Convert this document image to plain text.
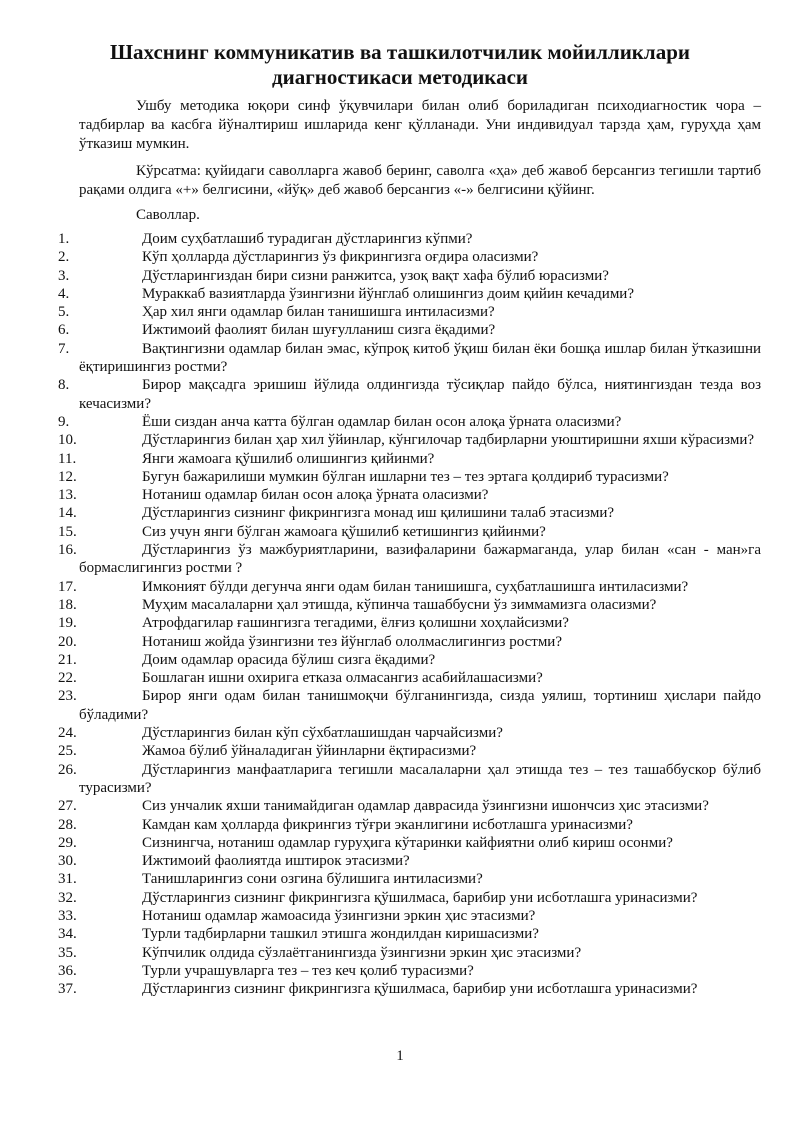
Шахснинг коммуникатив ва ташкилотчилик мойилликлари
диагностикаси методикаси
Ушбу методика юқори синф ўқувчилари билан олиб бориладиган психодиагностик чора – тадбирлар ва касбга йўналтириш ишларида кенг қўлланади. Уни индивидуал тарзда ҳам, гуруҳда ҳам ўтказиш мумкин.
Кўрсатма: қуйидаги саволларга жавоб беринг, саволга «ҳа» деб жавоб берсангиз тегишли тартиб рақами олдига «+» белгисини, «йўқ» деб жавоб берсангиз «-» белгисини қўйинг.
Саволлар.
1.	Доим суҳбатлашиб турадиган дўстларингиз кўпми?
2.	Кўп ҳолларда дўстларингиз ўз фикрингизга оғдира оласизми?
3.	Дўстларингиздан бири сизни ранжитса, узоқ вақт хафа бўлиб юрасизми?
4.	Мураккаб вазиятларда ўзингизни йўнглаб олишингиз доим қийин кечадими?
5.	Ҳар хил янги одамлар билан танишишга интиласизми?
6.	Ижтимоий фаолият билан шуғулланиш сизга ёқадими?
7.	Вақтингизни одамлар билан эмас, кўпроқ китоб ўқиш билан ёки бошқа ишлар билан ўтказишни ёқтиришингиз ростми?
8.	Бирор мақсадга эришиш йўлида олдингизда тўсиқлар пайдо бўлса, ниятингиздан тезда воз кечасизми?
9.	Ёши сиздан анча катта бўлган одамлар билан осон алоқа ўрната оласизми?
10.	Дўстларингиз билан ҳар хил ўйинлар, кўнгилочар тадбирларни уюштиришни яхши кўрасизми?
11.	Янги жамоага қўшилиб олишингиз қийинми?
12.	Бугун бажарилиши мумкин бўлган ишларни тез – тез эртага қолдириб турасизми?
13.	Нотаниш одамлар билан осон алоқа ўрната оласизми?
14.	Дўстларингиз сизнинг фикрингизга монад иш қилишини талаб этасизми?
15.	Сиз учун янги бўлган жамоага қўшилиб кетишингиз қийинми?
16.	Дўстларингиз ўз мажбуриятларини, вазифаларини бажармаганда, улар билан «сан - ман»га бормаслигингиз ростми ?
17.	Имконият бўлди дегунча янги одам билан танишишга, суҳбатлашишга интиласизми?
18.	Муҳим масалаларни ҳал этишда, кўпинча ташаббусни ўз зиммамизга оласизми?
19.	Атрофдагилар ғашингизга тегадими, ёлғиз қолишни хоҳлайсизми?
20.	Нотаниш жойда ўзингизни тез йўнглаб ололмаслигингиз ростми?
21.	Доим одамлар орасида бўлиш сизга ёқадими?
22.	Бошлаган ишни охирига етказа олмасангиз асабийлашасизми?
23.	Бирор янги одам билан танишмоқчи бўлганингизда, сизда уялиш, тортиниш ҳислари пайдо бўладими?
24.	Дўстларингиз билан кўп сўхбатлашишдан чарчайсизми?
25.	Жамоа бўлиб ўйналадиган ўйинларни ёқтирасизми?
26.	Дўстларингиз манфаатларига тегишли масалаларни ҳал этишда тез – тез ташаббускор бўлиб турасизми?
27.	Сиз унчалик яхши танимайдиган одамлар даврасида ўзингизни ишончсиз ҳис этасизми?
28.	Камдан кам ҳолларда фикрингиз тўғри эканлигини исботлашга уринасизми?
29.	Сизнингча, нотаниш одамлар гуруҳига кўтаринки кайфиятни олиб кириш осонми?
30.	Ижтимоий фаолиятда иштирок этасизми?
31.	Танишларингиз сони озгина бўлишига интиласизми?
32.	Дўстларингиз сизнинг фикрингизга қўшилмаса, барибир уни исботлашга уринасизми?
33.	Нотаниш одамлар жамоасида ўзингизни эркин ҳис этасизми?
34.	Турли тадбирларни ташкил этишга жондилдан киришасизми?
35.	Кўпчилик олдида сўзлаётганингизда ўзингизни эркин ҳис этасизми?
36.	Турли учрашувларга тез – тез кеч қолиб турасизми?
37.	Дўстларингиз сизнинг фикрингизга қўшилмаса, барибир уни исботлашга уринасизми?
1
